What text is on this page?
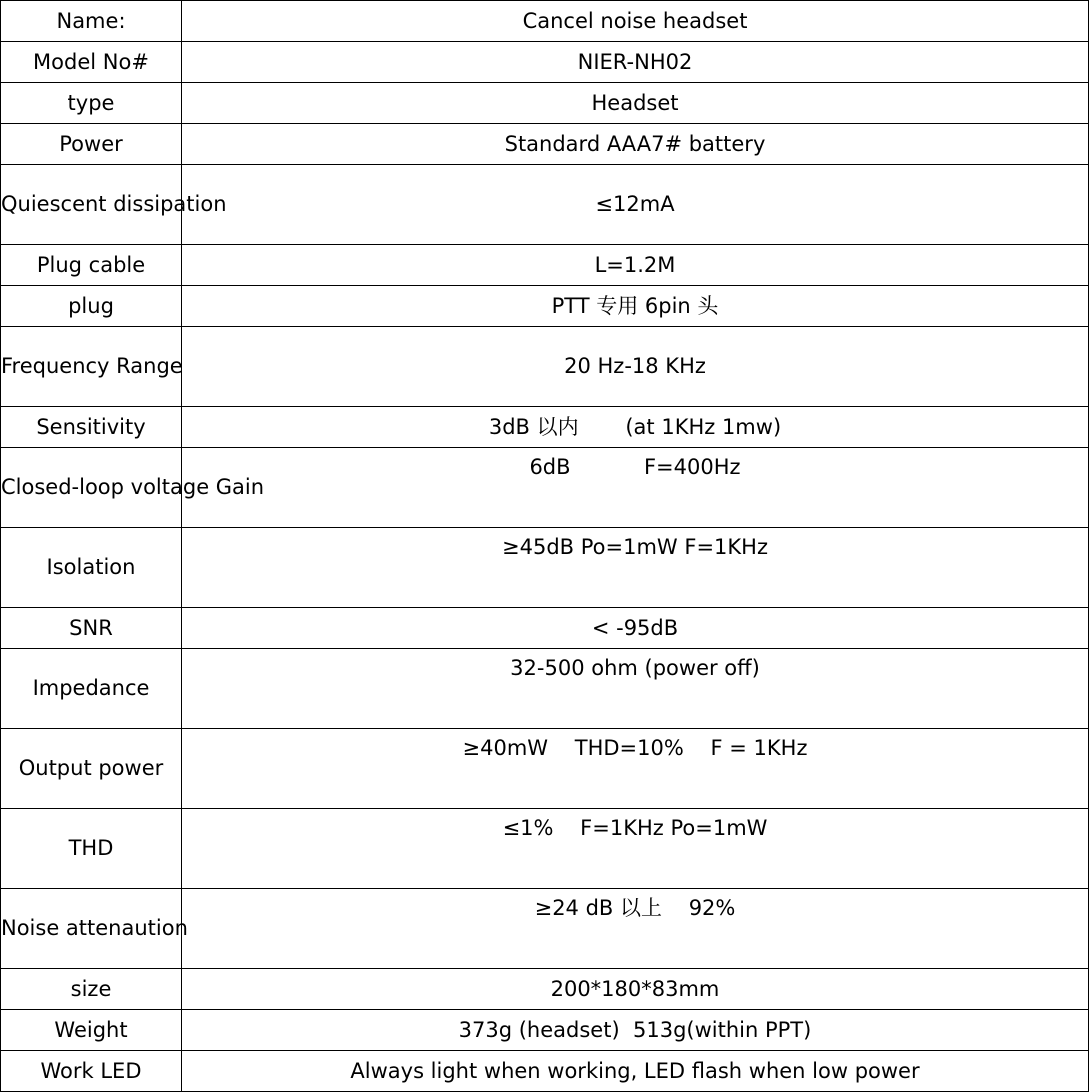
Name:	Cancel noise headset
Model No#	NIER-NH02
type	Headset
Power	Standard AAA7# battery
Quiescent dissipation	≤12mA
Plug cable	L=1.2M
plug	PTT 专用 6pin 头
Frequency Range	20 Hz-18 KHz
Sensitivity	3dB 以内       (at 1KHz 1mw)
Closed-loop voltage Gain	6dB           F=400Hz
Isolation	≥45dB Po=1mW F=1KHz
SNR	< -95dB
Impedance	32-500 ohm (power off)
Output power	≥40mW    THD=10%    F = 1KHz
THD	≤1%    F=1KHz Po=1mW
Noise attenaution	≥24 dB 以上    92%
size	200*180*83mm
Weight	373g (headset)  513g(within PPT)
Work LED	Always light when working, LED flash when low power
